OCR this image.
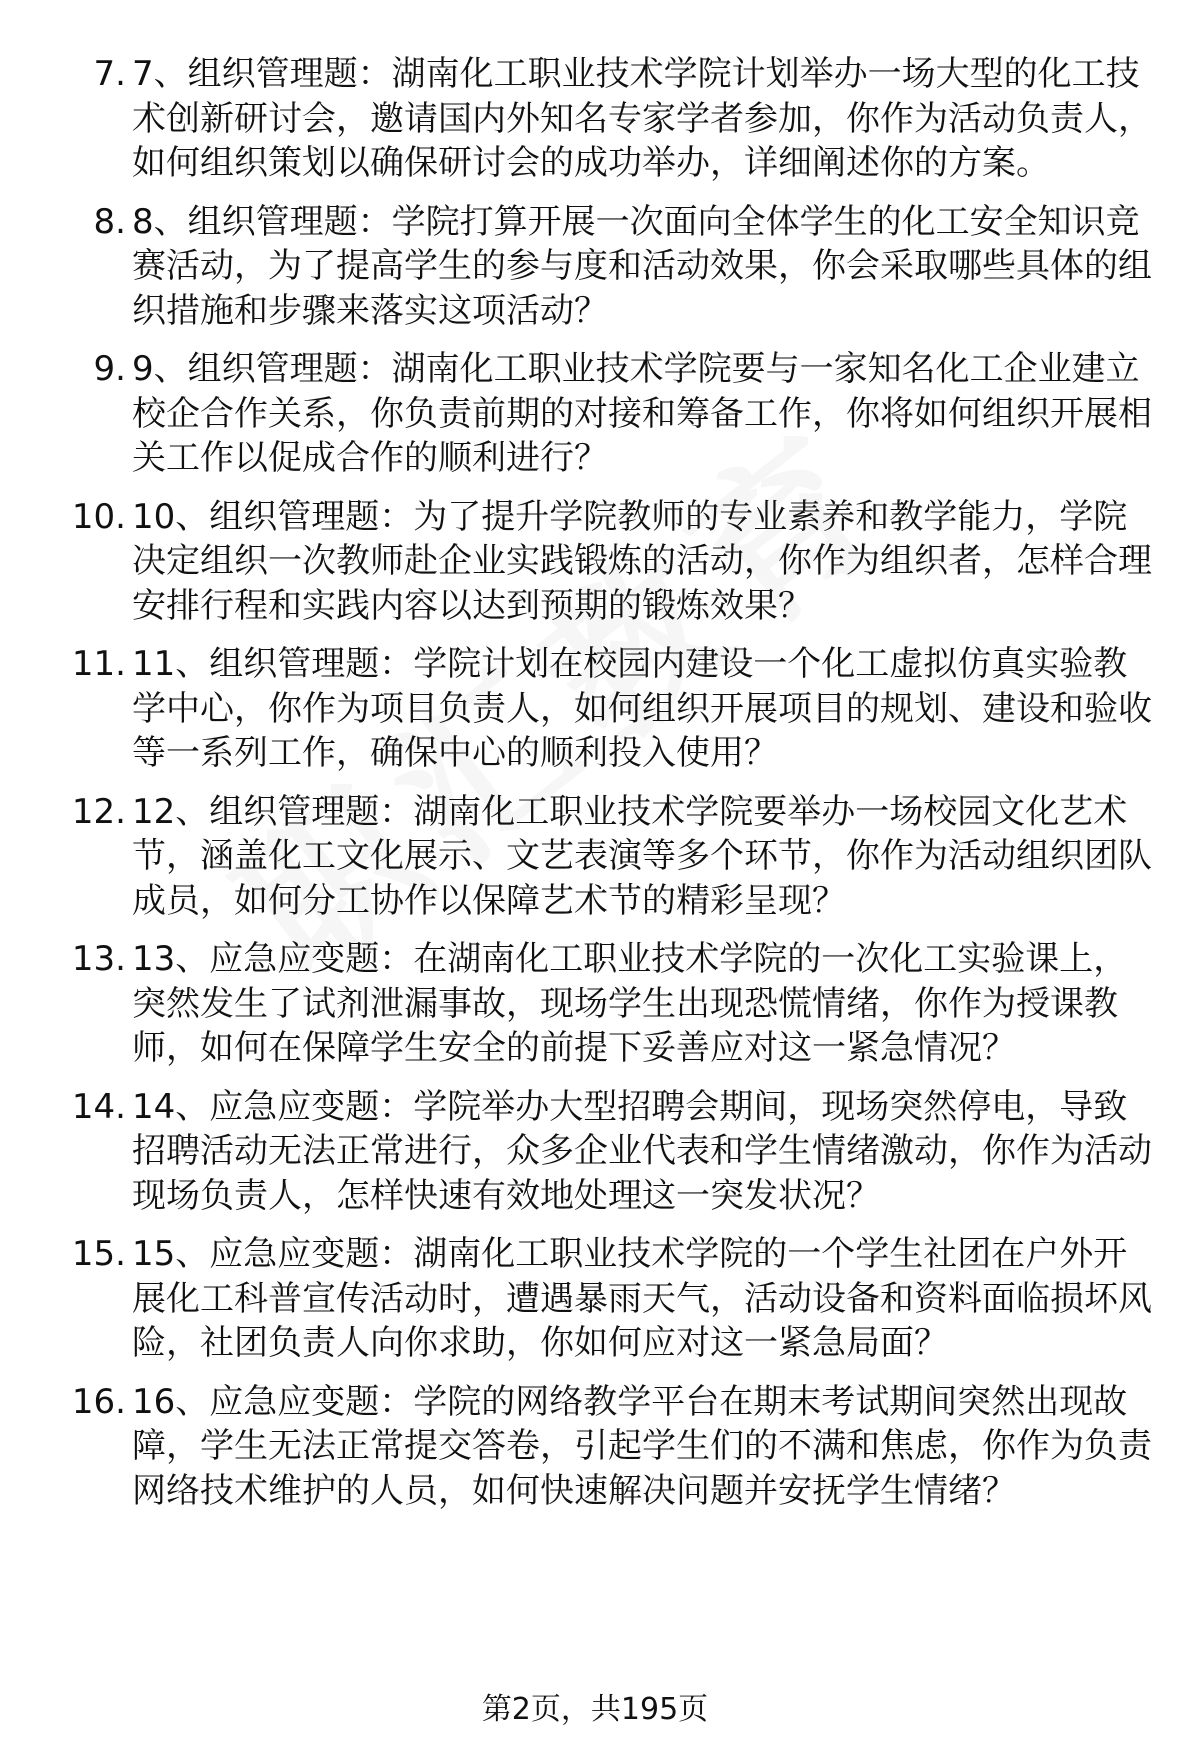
7. 7、组织管理题：湖南化工职业技术学院计划举办一场大型的化工技术创新研讨会，邀请国内外知名专家学者参加，你作为活动负责人，如何组织策划以确保研讨会的成功举办，详细阐述你的方案。
8. 8、组织管理题：学院打算开展一次面向全体学生的化工安全知识竞赛活动，为了提高学生的参与度和活动效果，你会采取哪些具体的组织措施和步骤来落实这项活动？
9. 9、组织管理题：湖南化工职业技术学院要与一家知名化工企业建立校企合作关系，你负责前期的对接和筹备工作，你将如何组织开展相关工作以促成合作的顺利进行？
10. 10、组织管理题：为了提升学院教师的专业素养和教学能力，学院决定组织一次教师赴企业实践锻炼的活动，你作为组织者，怎样合理安排行程和实践内容以达到预期的锻炼效果？
11. 11、组织管理题：学院计划在校园内建设一个化工虚拟仿真实验教学中心，你作为项目负责人，如何组织开展项目的规划、建设和验收等一系列工作，确保中心的顺利投入使用？
12. 12、组织管理题：湖南化工职业技术学院要举办一场校园文化艺术节，涵盖化工文化展示、文艺表演等多个环节，你作为活动组织团队成员，如何分工协作以保障艺术节的精彩呈现？
13. 13、应急应变题：在湖南化工职业技术学院的一次化工实验课上，突然发生了试剂泄漏事故，现场学生出现恐慌情绪，你作为授课教师，如何在保障学生安全的前提下妥善应对这一紧急情况？
14. 14、应急应变题：学院举办大型招聘会期间，现场突然停电，导致招聘活动无法正常进行，众多企业代表和学生情绪激动，你作为活动现场负责人，怎样快速有效地处理这一突发状况？
15. 15、应急应变题：湖南化工职业技术学院的一个学生社团在户外开展化工科普宣传活动时，遭遇暴雨天气，活动设备和资料面临损坏风险，社团负责人向你求助，你如何应对这一紧急局面？
16. 16、应急应变题：学院的网络教学平台在期末考试期间突然出现故障，学生无法正常提交答卷，引起学生们的不满和焦虑，你作为负责网络技术维护的人员，如何快速解决问题并安抚学生情绪？
第2页，共195页
